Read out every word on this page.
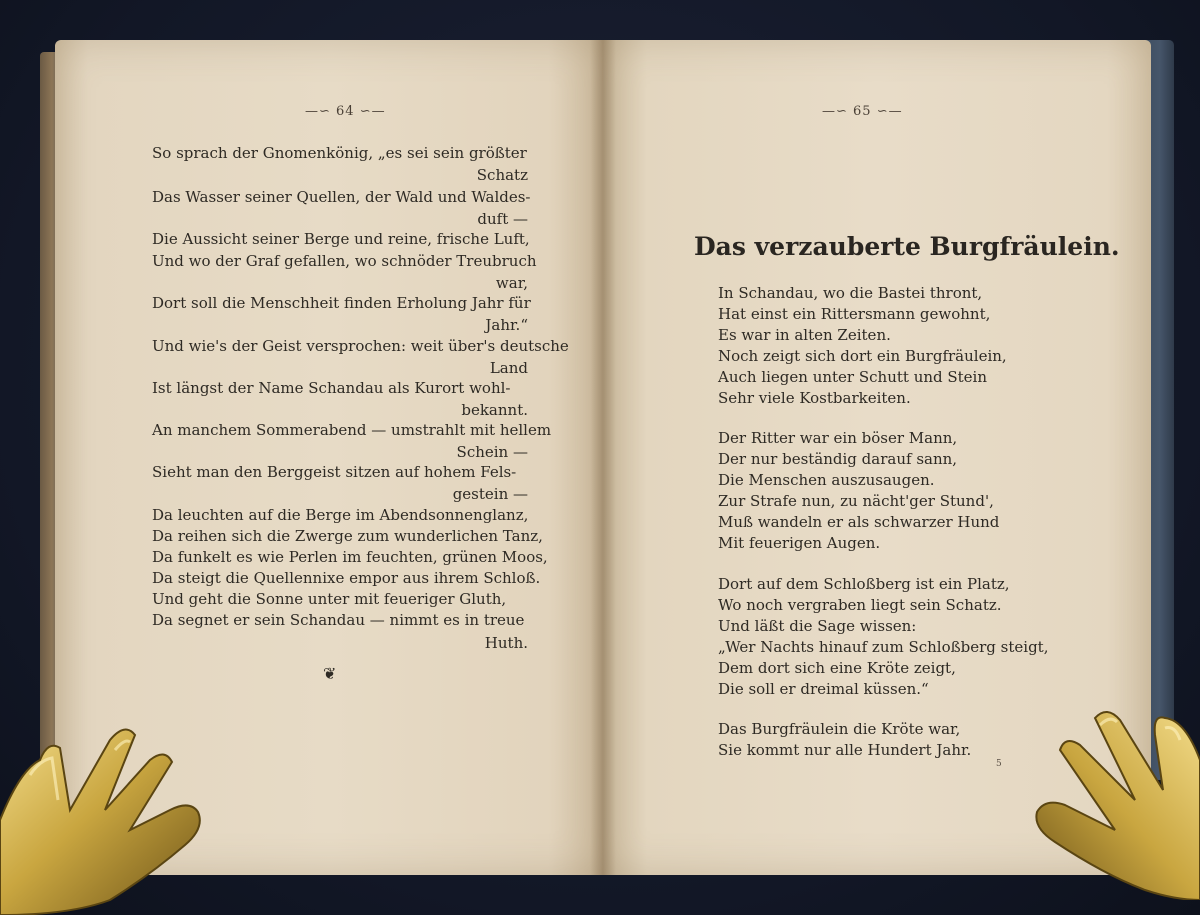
—∽ 64 ∽—
So sprach der Gnomenkönig, „es sei sein größter
Schatz
Das Wasser seiner Quellen, der Wald und Waldes-
duft —
Die Aussicht seiner Berge und reine, frische Luft,
Und wo der Graf gefallen, wo schnöder Treubruch
war,
Dort soll die Menschheit finden Erholung Jahr für
Jahr.“
Und wie's der Geist versprochen: weit über's deutsche
Land
Ist längst der Name Schandau als Kurort wohl-
bekannt.
An manchem Sommerabend — umstrahlt mit hellem
Schein —
Sieht man den Berggeist sitzen auf hohem Fels-
gestein —
Da leuchten auf die Berge im Abendsonnenglanz,
Da reihen sich die Zwerge zum wunderlichen Tanz,
Da funkelt es wie Perlen im feuchten, grünen Moos,
Da steigt die Quellennixe empor aus ihrem Schloß.
Und geht die Sonne unter mit feueriger Gluth,
Da segnet er sein Schandau — nimmt es in treue
Huth.
❦
—∽ 65 ∽—
Das verzauberte Burgfräulein.
In Schandau, wo die Bastei thront,
Hat einst ein Rittersmann gewohnt,
Es war in alten Zeiten.
Noch zeigt sich dort ein Burgfräulein,
Auch liegen unter Schutt und Stein
Sehr viele Kostbarkeiten.
Der Ritter war ein böser Mann,
Der nur beständig darauf sann,
Die Menschen auszusaugen.
Zur Strafe nun, zu nächt'ger Stund',
Muß wandeln er als schwarzer Hund
Mit feuerigen Augen.
Dort auf dem Schloßberg ist ein Platz,
Wo noch vergraben liegt sein Schatz.
Und läßt die Sage wissen:
„Wer Nachts hinauf zum Schloßberg steigt,
Dem dort sich eine Kröte zeigt,
Die soll er dreimal küssen.“
Das Burgfräulein die Kröte war,
Sie kommt nur alle Hundert Jahr.
5
